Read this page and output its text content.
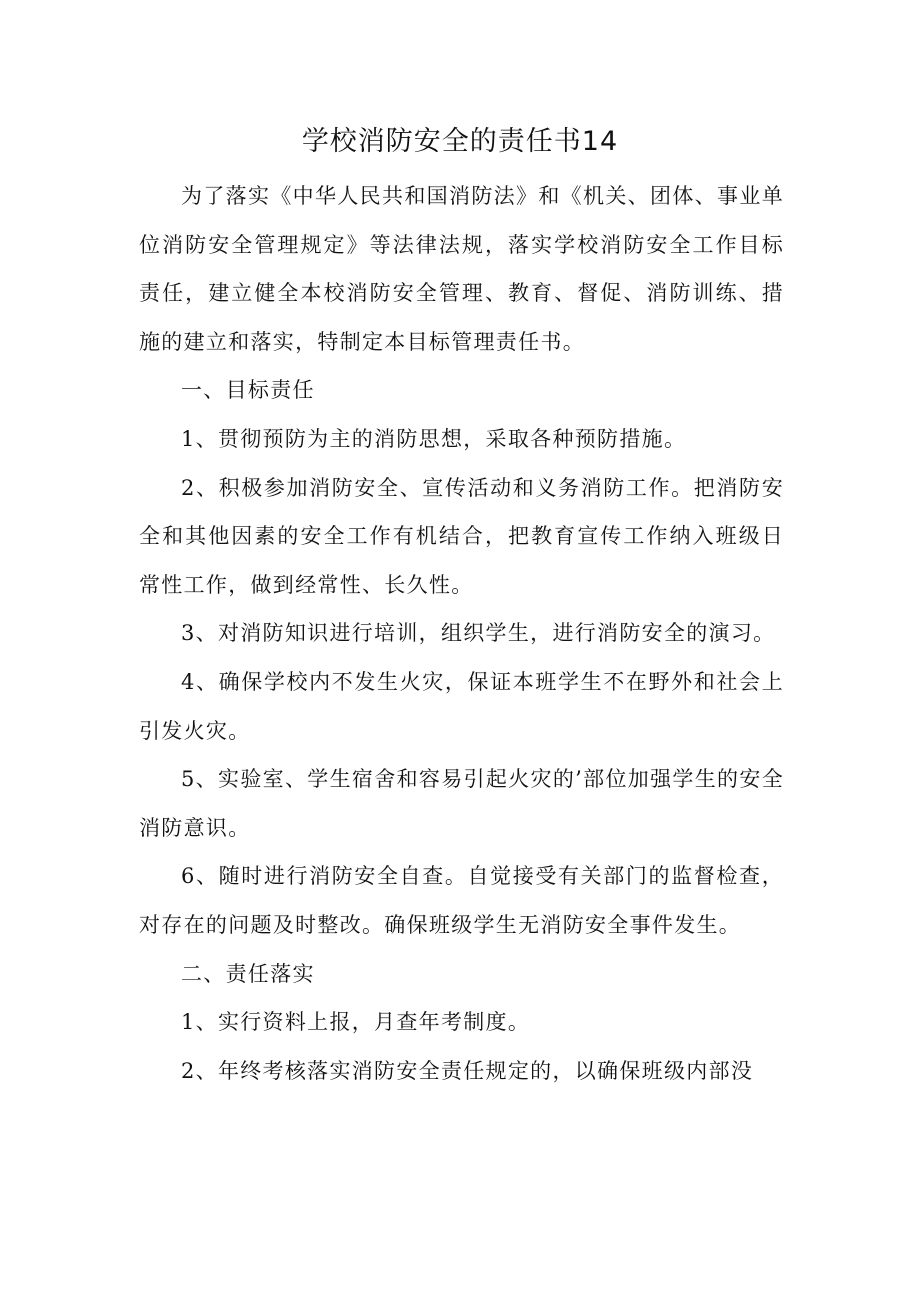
学校消防安全的责任书14

为了落实《中华人民共和国消防法》和《机关、团体、事业单位消防安全管理规定》等法律法规，落实学校消防安全工作目标责任，建立健全本校消防安全管理、教育、督促、消防训练、措施的建立和落实，特制定本目标管理责任书。

一、目标责任

1、贯彻预防为主的消防思想，采取各种预防措施。

2、积极参加消防安全、宣传活动和义务消防工作。把消防安全和其他因素的安全工作有机结合，把教育宣传工作纳入班级日常性工作，做到经常性、长久性。

3、对消防知识进行培训，组织学生，进行消防安全的演习。

4、确保学校内不发生火灾，保证本班学生不在野外和社会上引发火灾。

5、实验室、学生宿舍和容易引起火灾的’部位加强学生的安全消防意识。

6、随时进行消防安全自查。自觉接受有关部门的监督检查，对存在的问题及时整改。确保班级学生无消防安全事件发生。

二、责任落实

1、实行资料上报，月查年考制度。

2、年终考核落实消防安全责任规定的，以确保班级内部没
